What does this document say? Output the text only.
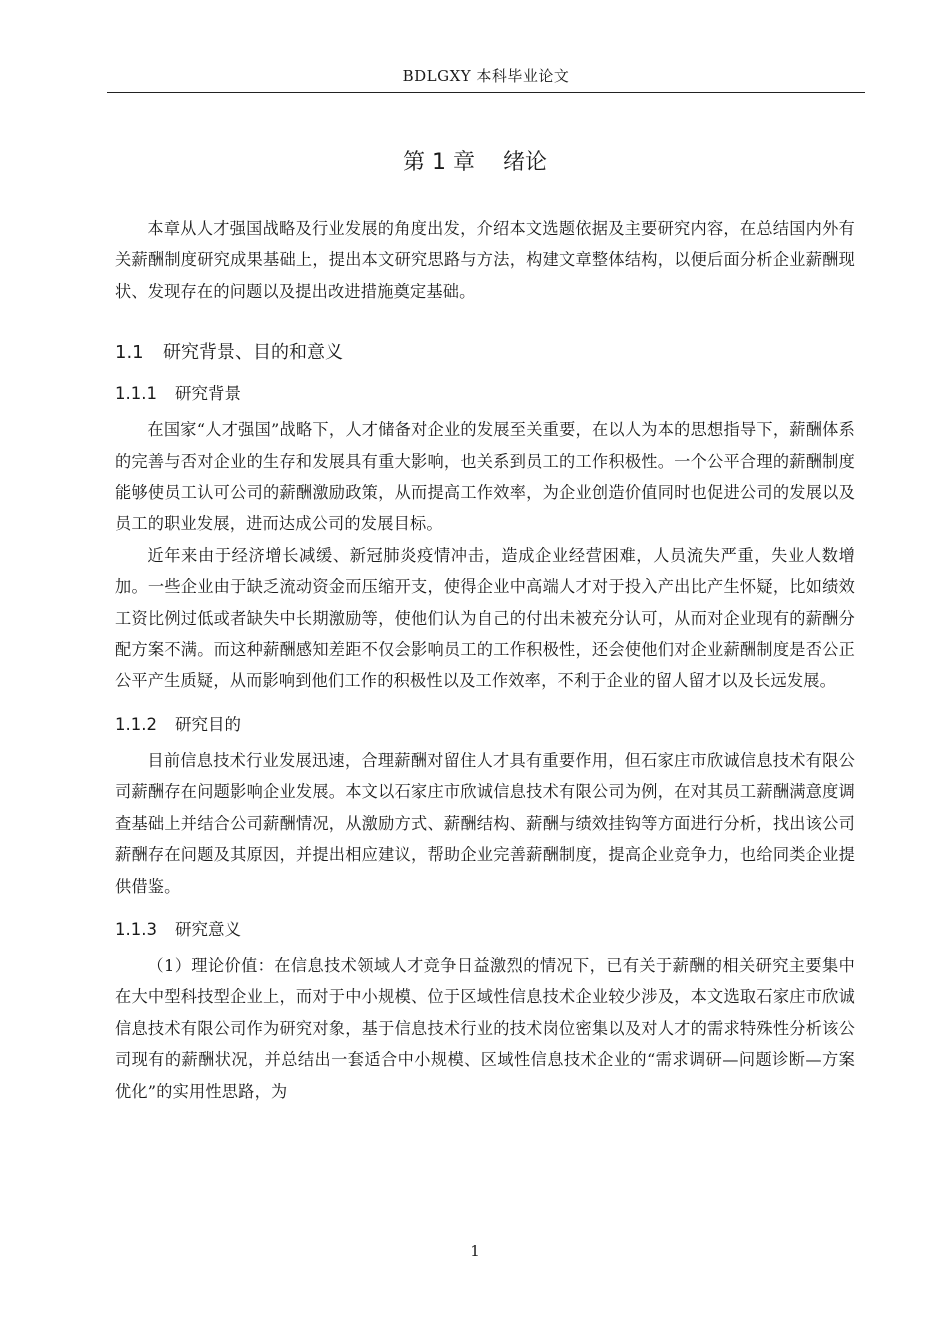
BDLGXY 本科毕业论文
第 1 章 绪论

本章从人才强国战略及行业发展的角度出发，介绍本文选题依据及主要研究内容，在总结国内外有关薪酬制度研究成果基础上，提出本文研究思路与方法，构建文章整体结构，以便后面分析企业薪酬现状、发现存在的问题以及提出改进措施奠定基础。

1.1 研究背景、目的和意义
1.1.1 研究背景

在国家“人才强国”战略下，人才储备对企业的发展至关重要，在以人为本的思想指导下，薪酬体系的完善与否对企业的生存和发展具有重大影响，也关系到员工的工作积极性。一个公平合理的薪酬制度能够使员工认可公司的薪酬激励政策，从而提高工作效率，为企业创造价值同时也促进公司的发展以及员工的职业发展，进而达成公司的发展目标。

近年来由于经济增长减缓、新冠肺炎疫情冲击，造成企业经营困难，人员流失严重，失业人数增加。一些企业由于缺乏流动资金而压缩开支，使得企业中高端人才对于投入产出比产生怀疑，比如绩效工资比例过低或者缺失中长期激励等，使他们认为自己的付出未被充分认可，从而对企业现有的薪酬分配方案不满。而这种薪酬感知差距不仅会影响员工的工作积极性，还会使他们对企业薪酬制度是否公正公平产生质疑，从而影响到他们工作的积极性以及工作效率，不利于企业的留人留才以及长远发展。

1.1.2 研究目的

目前信息技术行业发展迅速，合理薪酬对留住人才具有重要作用，但石家庄市欣诚信息技术有限公司薪酬存在问题影响企业发展。本文以石家庄市欣诚信息技术有限公司为例，在对其员工薪酬满意度调查基础上并结合公司薪酬情况，从激励方式、薪酬结构、薪酬与绩效挂钩等方面进行分析，找出该公司薪酬存在问题及其原因，并提出相应建议，帮助企业完善薪酬制度，提高企业竞争力，也给同类企业提供借鉴。

1.1.3 研究意义

（1）理论价值：在信息技术领域人才竞争日益激烈的情况下，已有关于薪酬的相关研究主要集中在大中型科技型企业上，而对于中小规模、位于区域性信息技术企业较少涉及，本文选取石家庄市欣诚信息技术有限公司作为研究对象，基于信息技术行业的技术岗位密集以及对人才的需求特殊性分析该公司现有的薪酬状况，并总结出一套适合中小规模、区域性信息技术企业的“需求调研—问题诊断—方案优化”的实用性思路，为

1
